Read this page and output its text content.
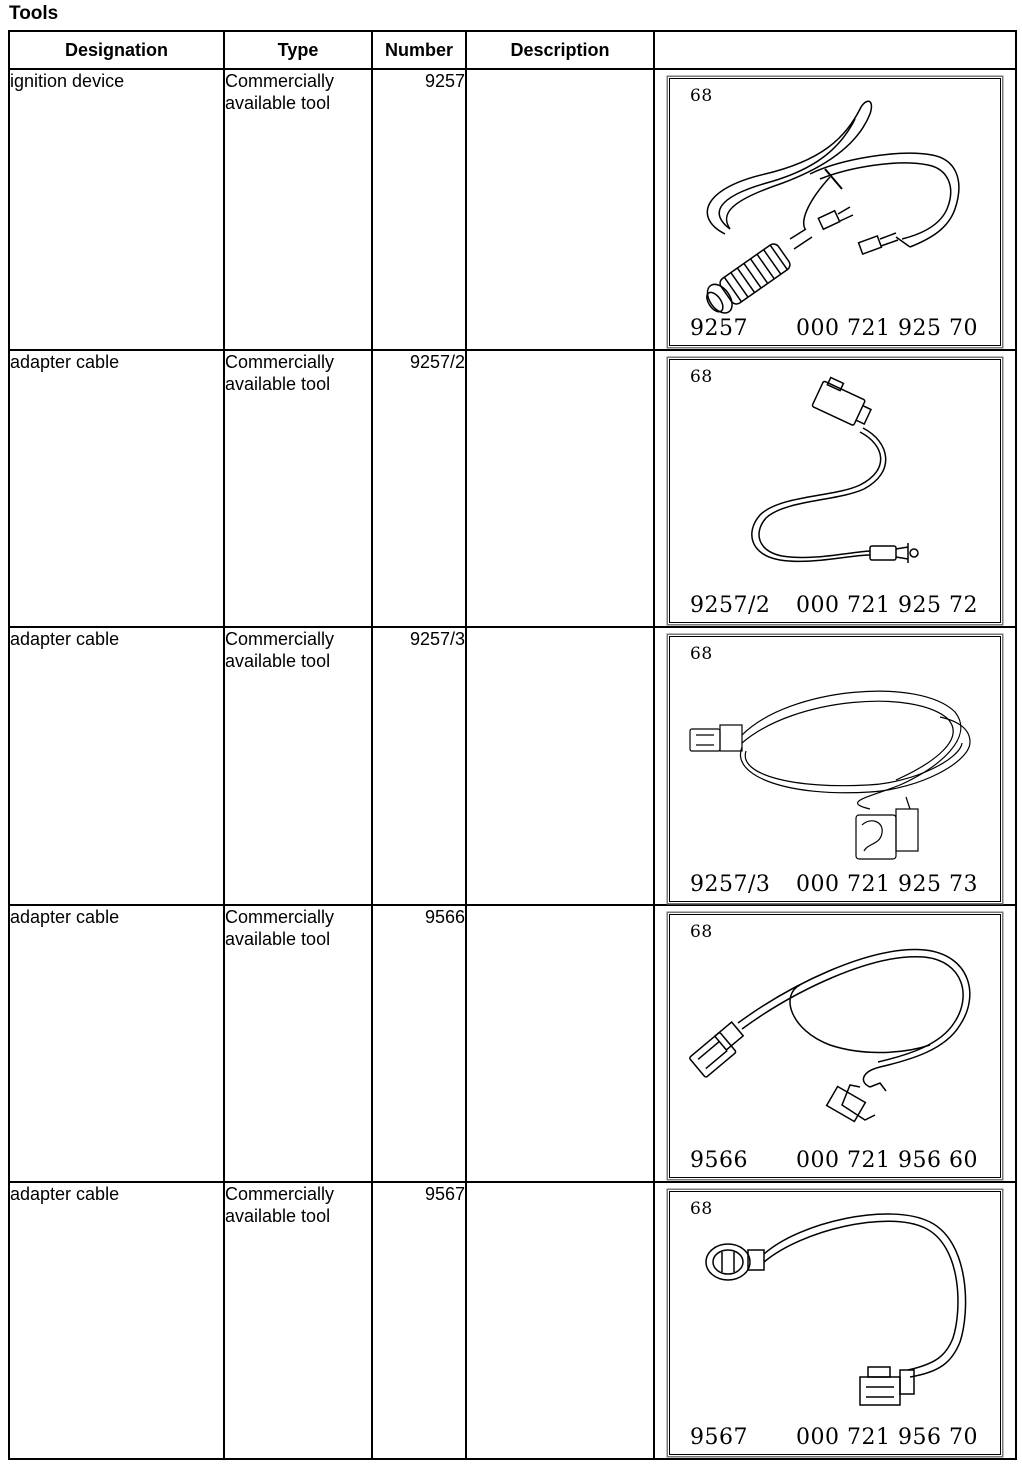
Tools
Designation	Type	Number	Description	
ignition device	Commercially available tool	9257		68
9257 000 721 925 70

adapter cable	Commercially available tool	9257/2		68
9257/2 000 721 925 72

adapter cable	Commercially available tool	9257/3		68
9257/3 000 721 925 73

adapter cable	Commercially available tool	9566		68
9566 000 721 956 60

adapter cable	Commercially available tool	9567		68
9567 000 721 956 70
